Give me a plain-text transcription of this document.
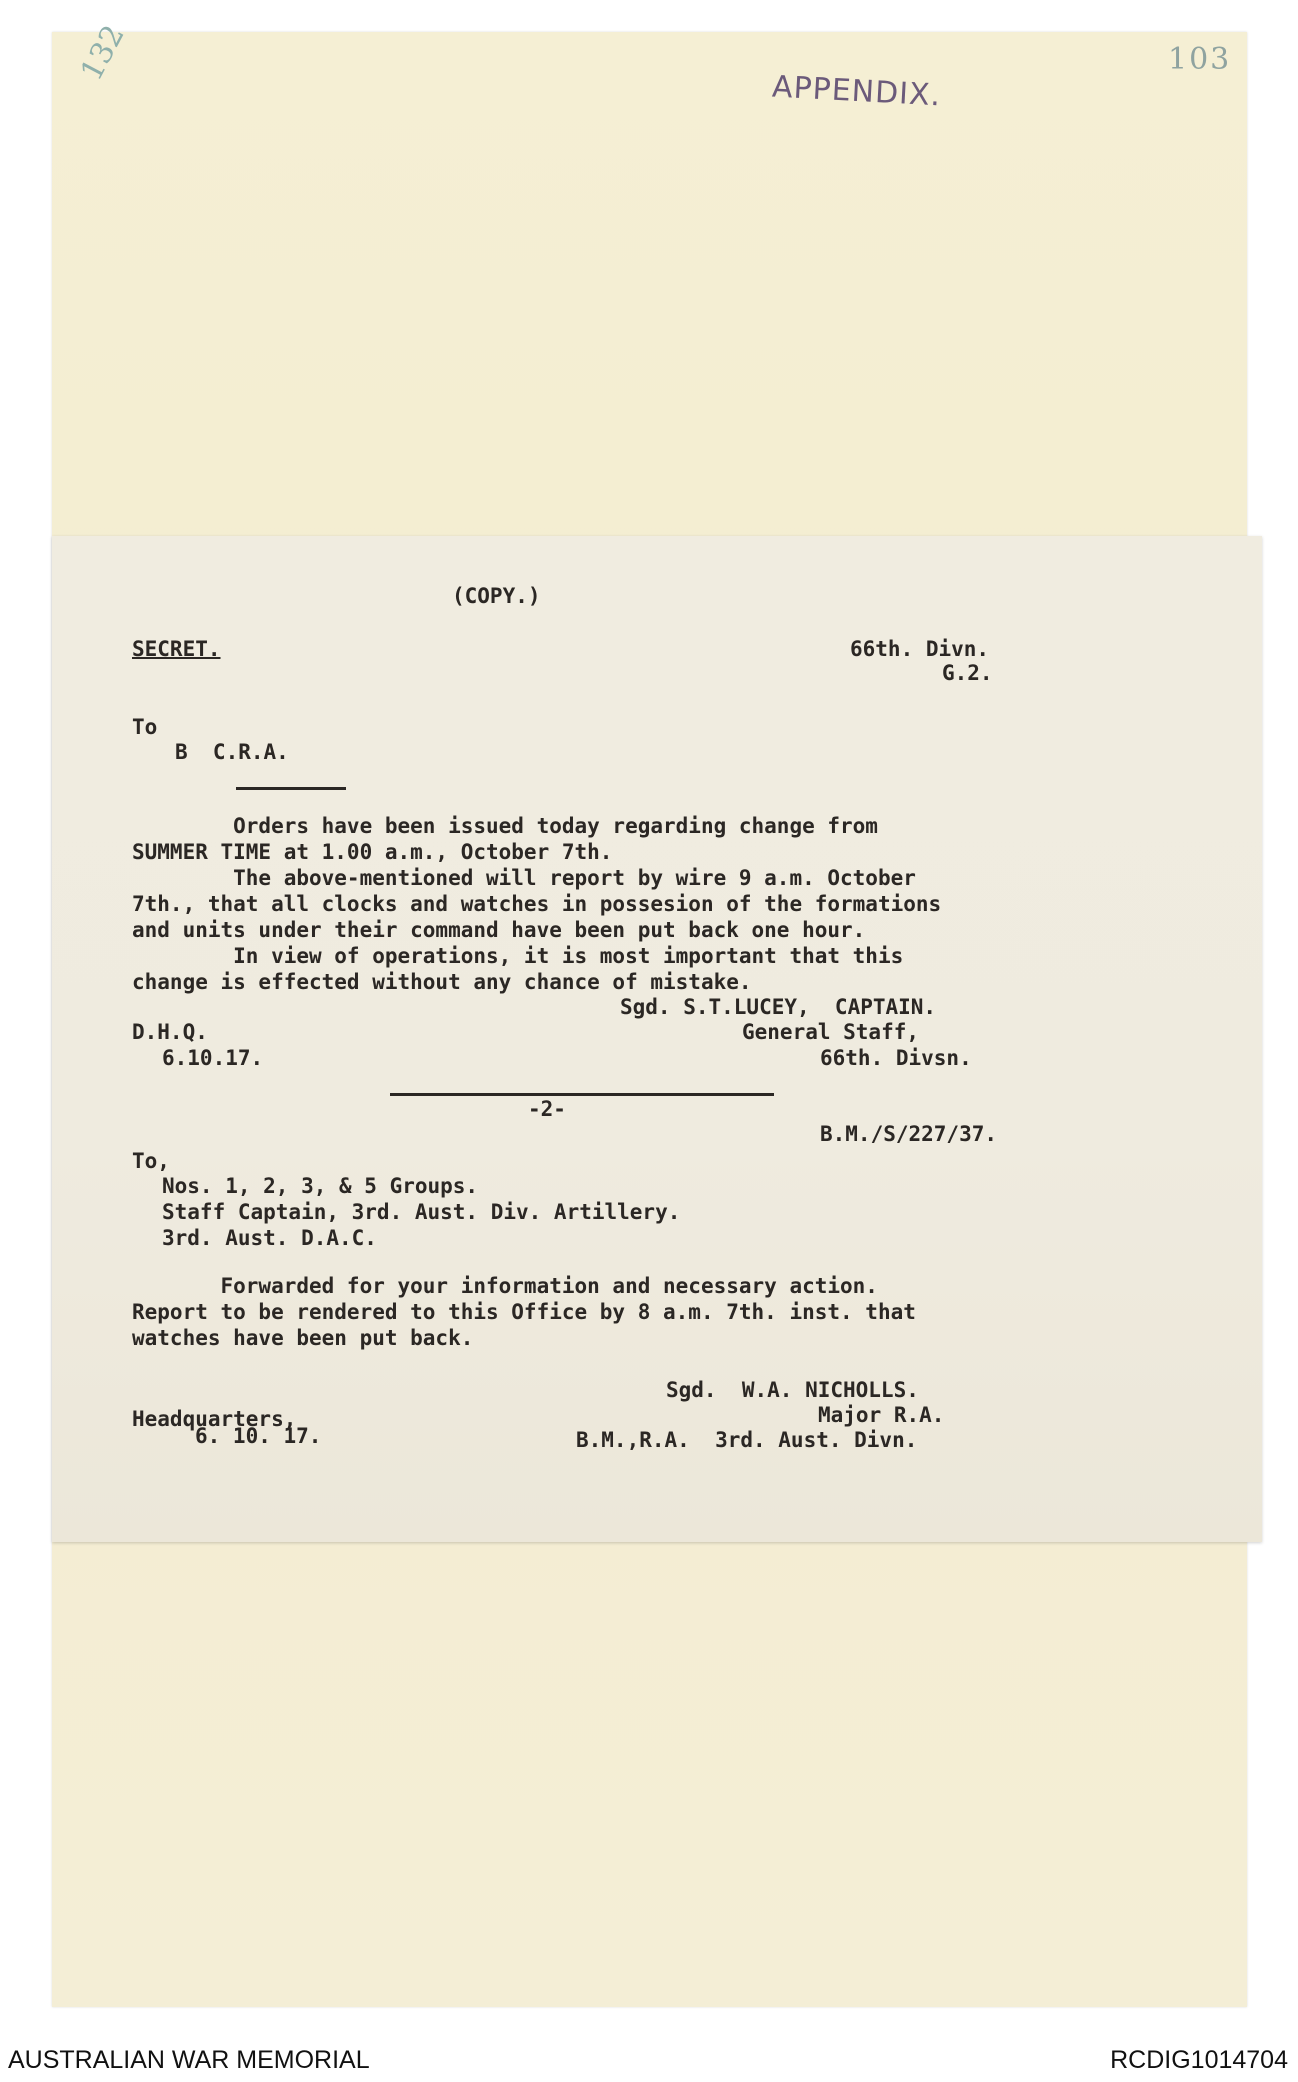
103
132
APPENDIX.
(COPY.)
SECRET.	66th. Divn.
G.2.
To
B  C.R.A.
Orders have been issued today regarding change from
SUMMER TIME at 1.00 a.m., October 7th.
The above-mentioned will report by wire 9 a.m. October
7th., that all clocks and watches in possesion of the formations
and units under their command have been put back one hour.
In view of operations, it is most important that this
change is effected without any chance of mistake.
Sgd. S.T.LUCEY,  CAPTAIN.
General Staff,
66th. Divsn.
D.H.Q.
6.10.17.
-2-
B.M./S/227/37.
To,
Nos. 1, 2, 3, & 5 Groups.
Staff Captain, 3rd. Aust. Div. Artillery.
3rd. Aust. D.A.C.
Forwarded for your information and necessary action.
Report to be rendered to this Office by 8 a.m. 7th. inst. that
watches have been put back.
Sgd.  W.A. NICHOLLS.
Major R.A.
B.M.,R.A.  3rd. Aust. Divn.
Headquarters,
6. 10. 17.
AUSTRALIAN WAR MEMORIAL	RCDIG1014704
